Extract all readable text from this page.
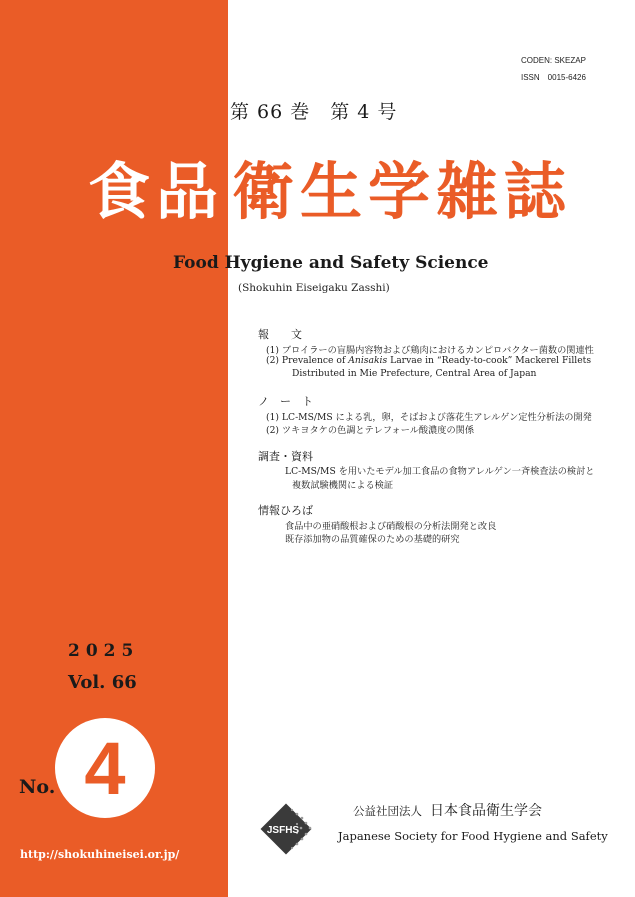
CODEN: SKEZAP
ISSN　0015-6426
第 66 巻　第 4 号
食品 衛生学雑誌
Food Hygiene and Safety Science
(Shokuhin Eiseigaku Zasshi)
報　　文
(1) ブロイラーの盲腸内容物および鶏肉におけるカンピロバクター菌数の関連性
(2) Prevalence of Anisakis Larvae in “Ready-to-cook” Mackerel Fillets
Distributed in Mie Prefecture, Central Area of Japan
ノ　ー　ト
(1) LC-MS/MS による乳，卵，そばおよび落花生アレルゲン定性分析法の開発
(2) ツキヨタケの色調とテレフォール酸濃度の関係
調査・資料
LC-MS/MS を用いたモデル加工食品の食物アレルゲン一斉検査法の検討と
複数試験機関による検証
情報ひろば
食品中の亜硝酸根および硝酸根の分析法開発と改良
既存添加物の品質確保のための基礎的研究
2025
Vol. 66
No. 4
http://shokuhineisei.or.jp/
JSFHS
公益社団法人 日本食品衛生学会
Japanese Society for Food Hygiene and Safety
